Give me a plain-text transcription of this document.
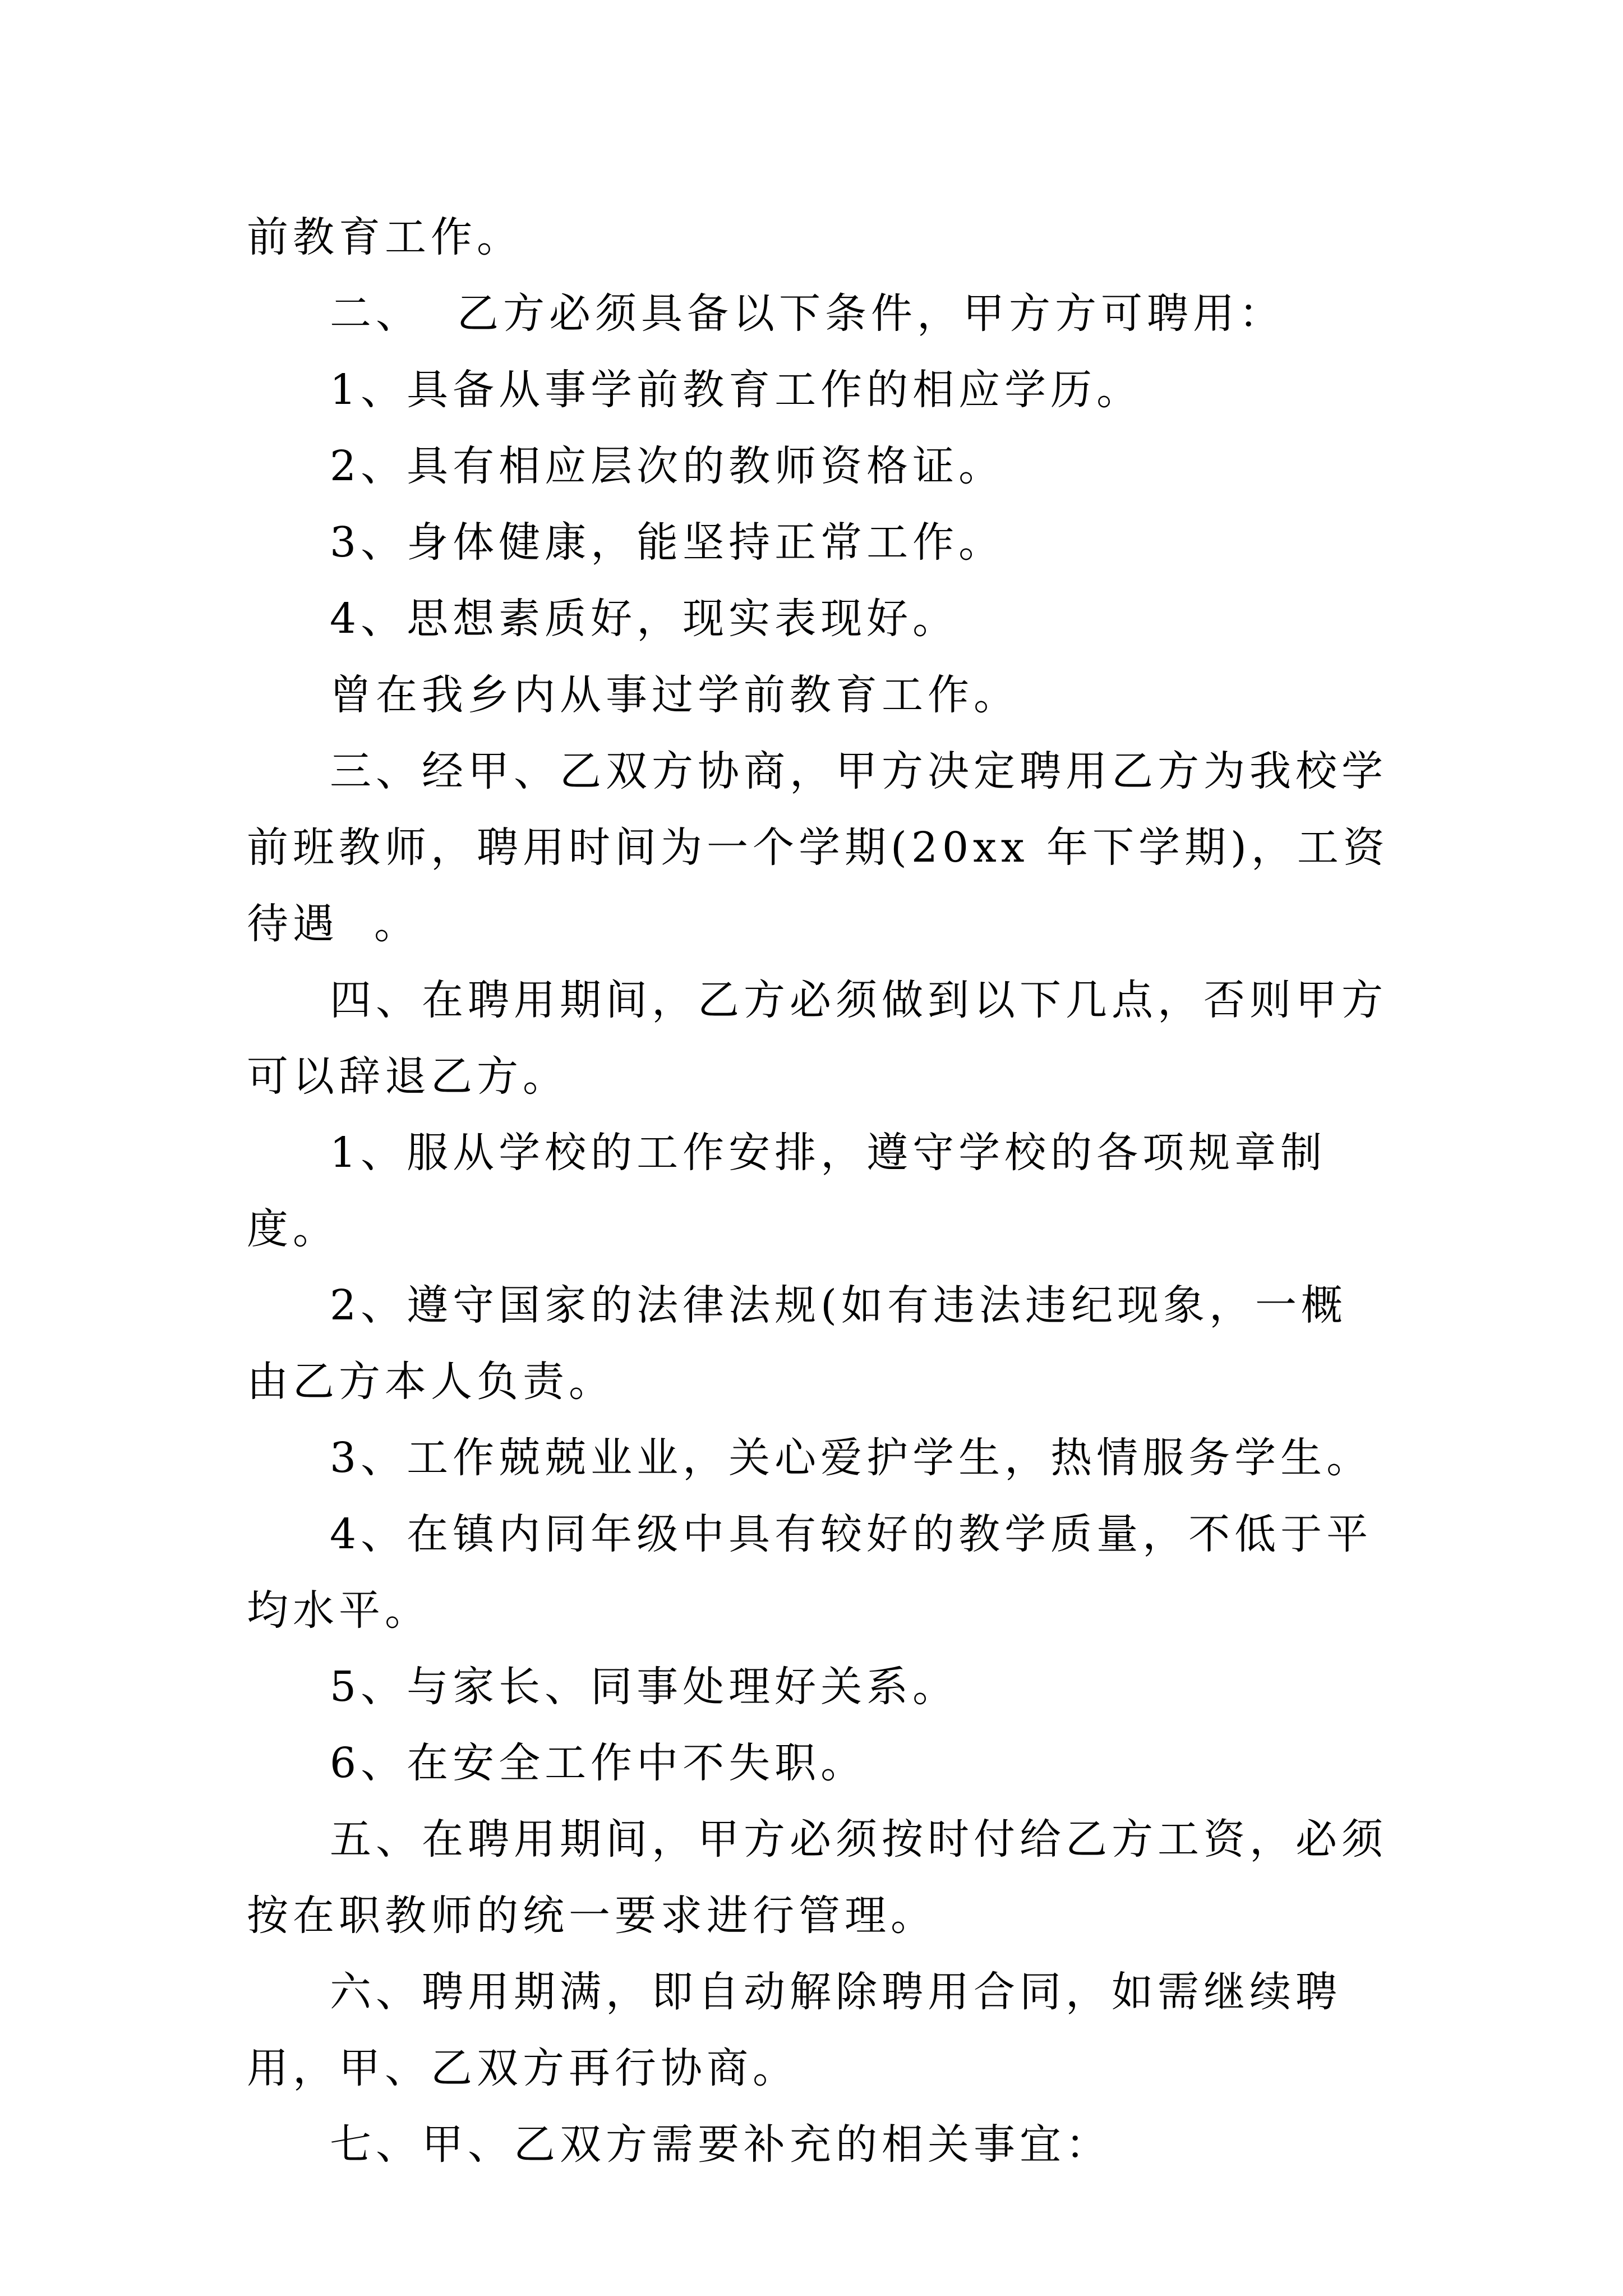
前教育工作。

二、  乙方必须具备以下条件，甲方方可聘用：

1、具备从事学前教育工作的相应学历。

2、具有相应层次的教师资格证。

3、身体健康，能坚持正常工作。

4、思想素质好，现实表现好。

曾在我乡内从事过学前教育工作。

三、经甲、乙双方协商，甲方决定聘用乙方为我校学前班教师，聘用时间为一个学期(20xx 年下学期)，工资待遇  。

四、在聘用期间，乙方必须做到以下几点，否则甲方可以辞退乙方。

1、服从学校的工作安排，遵守学校的各项规章制度。

2、遵守国家的法律法规(如有违法违纪现象，一概由乙方本人负责。

3、工作兢兢业业，关心爱护学生，热情服务学生。

4、在镇内同年级中具有较好的教学质量，不低于平均水平。

5、与家长、同事处理好关系。

6、在安全工作中不失职。

五、在聘用期间，甲方必须按时付给乙方工资，必须按在职教师的统一要求进行管理。

六、聘用期满，即自动解除聘用合同，如需继续聘用，甲、乙双方再行协商。

七、甲、乙双方需要补充的相关事宜：
